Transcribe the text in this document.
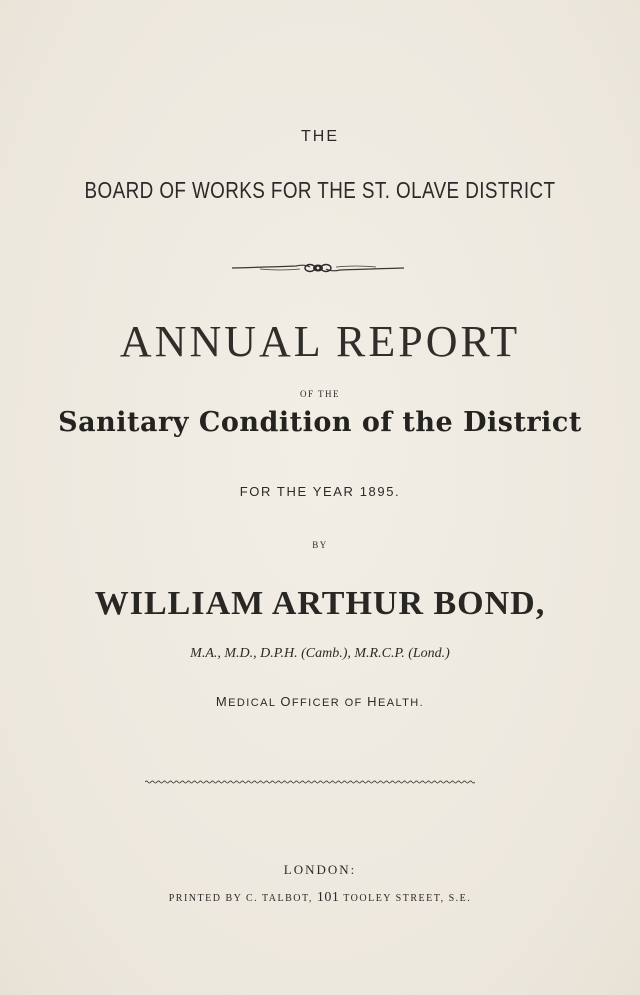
THE
BOARD OF WORKS FOR THE ST. OLAVE DISTRICT
ANNUAL REPORT
OF THE
Sanitary Condition of the District
FOR THE YEAR 1895.
BY
WILLIAM ARTHUR BOND,
M.A., M.D., D.P.H. (Camb.), M.R.C.P. (Lond.)
MEDICAL OFFICER OF HEALTH.
LONDON:
PRINTED BY C. TALBOT, 101 TOOLEY STREET, S.E.
